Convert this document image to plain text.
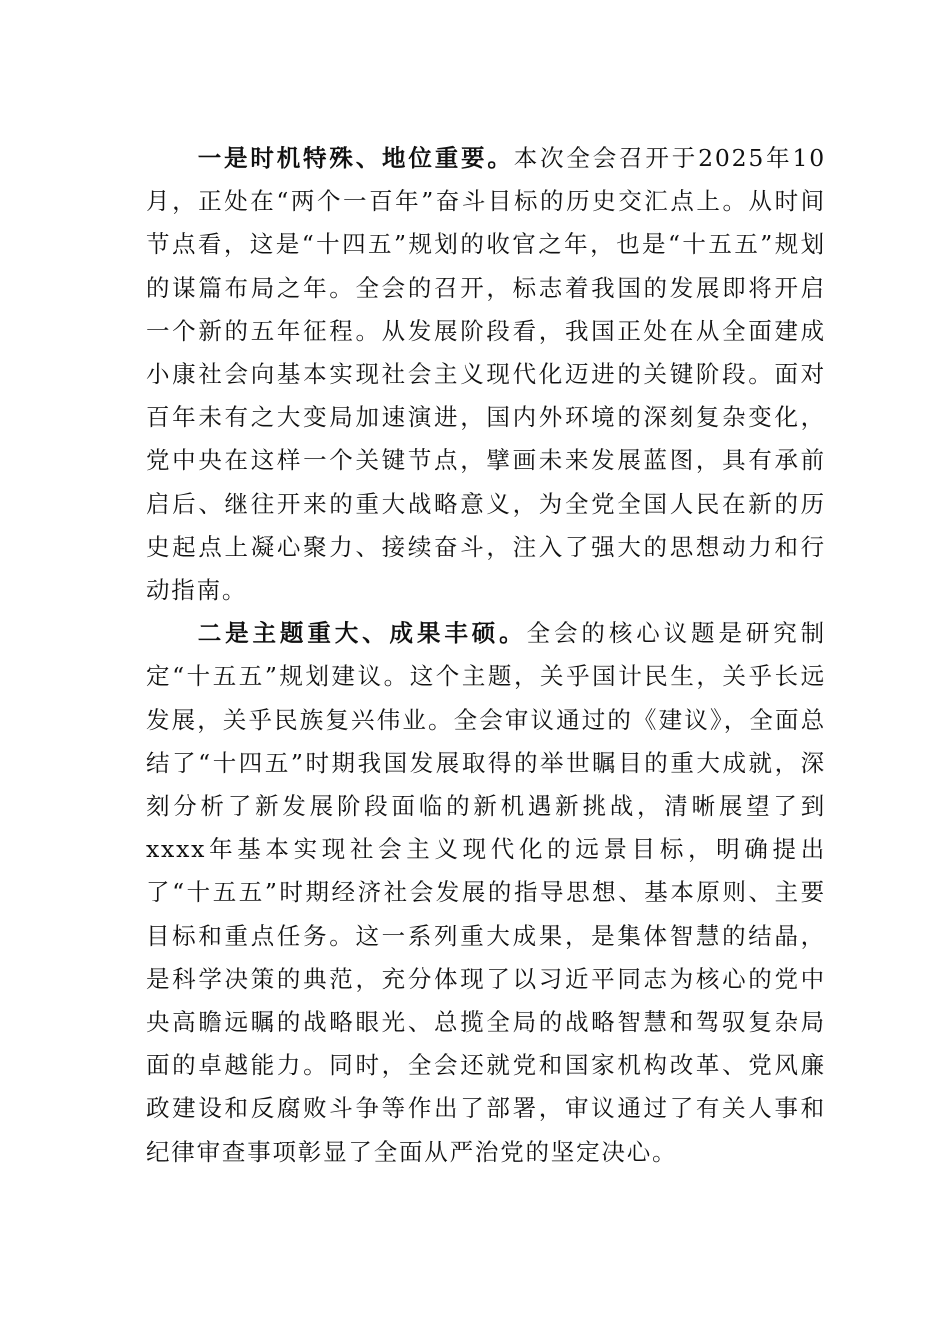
一是时机特殊、地位重要。本次全会召开于2025年10月，正处在“两个一百年”奋斗目标的历史交汇点上。从时间节点看，这是“十四五”规划的收官之年，也是“十五五”规划的谋篇布局之年。全会的召开，标志着我国的发展即将开启一个新的五年征程。从发展阶段看，我国正处在从全面建成小康社会向基本实现社会主义现代化迈进的关键阶段。面对百年未有之大变局加速演进，国内外环境的深刻复杂变化，党中央在这样一个关键节点，擘画未来发展蓝图，具有承前启后、继往开来的重大战略意义，为全党全国人民在新的历史起点上凝心聚力、接续奋斗，注入了强大的思想动力和行动指南。

二是主题重大、成果丰硕。全会的核心议题是研究制定“十五五”规划建议。这个主题，关乎国计民生，关乎长远发展，关乎民族复兴伟业。全会审议通过的《建议》，全面总结了“十四五”时期我国发展取得的举世瞩目的重大成就，深刻分析了新发展阶段面临的新机遇新挑战，清晰展望了到xxxx年基本实现社会主义现代化的远景目标，明确提出了“十五五”时期经济社会发展的指导思想、基本原则、主要目标和重点任务。这一系列重大成果，是集体智慧的结晶，是科学决策的典范，充分体现了以习近平同志为核心的党中央高瞻远瞩的战略眼光、总揽全局的战略智慧和驾驭复杂局面的卓越能力。同时，全会还就党和国家机构改革、党风廉政建设和反腐败斗争等作出了部署，审议通过了有关人事和纪律审查事项彰显了全面从严治党的坚定决心。
